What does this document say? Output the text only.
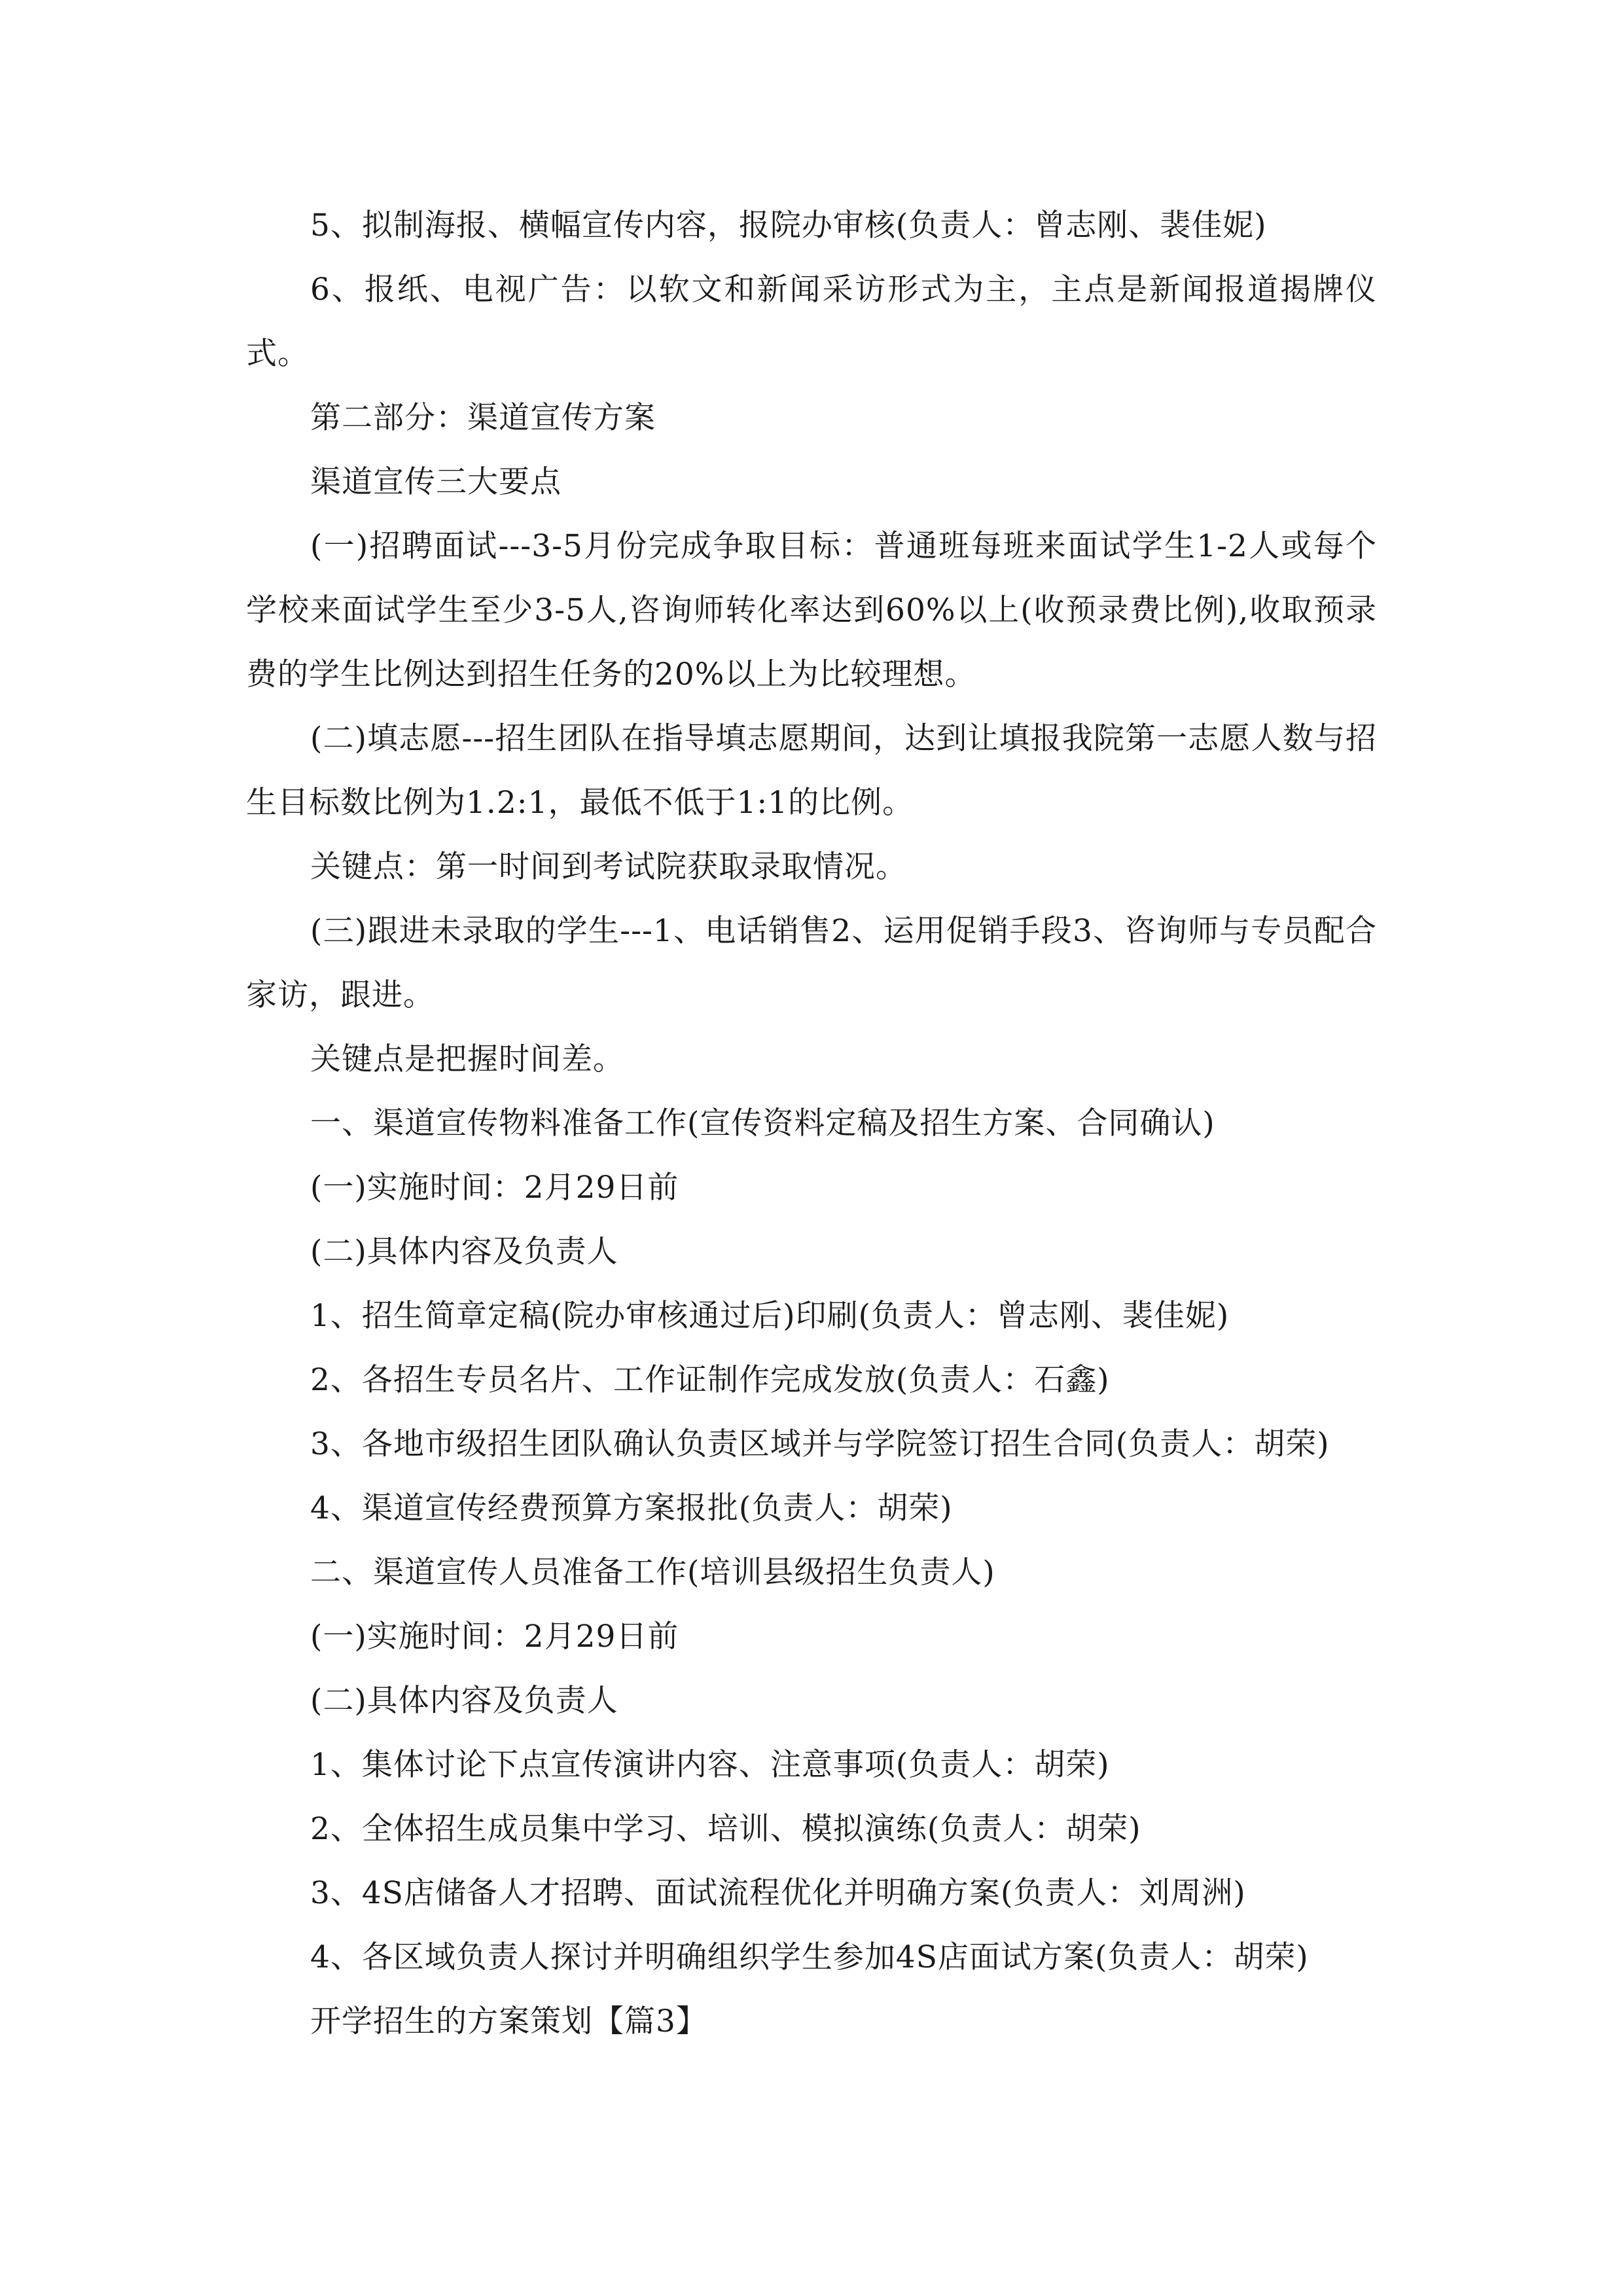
5、拟制海报、横幅宣传内容，报院办审核(负责人：曾志刚、裴佳妮)

6、报纸、电视广告：以软文和新闻采访形式为主，主点是新闻报道揭牌仪式。

第二部分：渠道宣传方案

渠道宣传三大要点

(一)招聘面试---3-5月份完成争取目标：普通班每班来面试学生1-2人或每个学校来面试学生至少3-5人,咨询师转化率达到60%以上(收预录费比例),收取预录费的学生比例达到招生任务的20%以上为比较理想。

(二)填志愿---招生团队在指导填志愿期间，达到让填报我院第一志愿人数与招生目标数比例为1.2:1，最低不低于1:1的比例。

关键点：第一时间到考试院获取录取情况。

(三)跟进未录取的学生---1、电话销售2、运用促销手段3、咨询师与专员配合家访，跟进。

关键点是把握时间差。

一、渠道宣传物料准备工作(宣传资料定稿及招生方案、合同确认)

(一)实施时间：2月29日前

(二)具体内容及负责人

1、招生简章定稿(院办审核通过后)印刷(负责人：曾志刚、裴佳妮)

2、各招生专员名片、工作证制作完成发放(负责人：石鑫)

3、各地市级招生团队确认负责区域并与学院签订招生合同(负责人：胡荣)

4、渠道宣传经费预算方案报批(负责人：胡荣)

二、渠道宣传人员准备工作(培训县级招生负责人)

(一)实施时间：2月29日前

(二)具体内容及负责人

1、集体讨论下点宣传演讲内容、注意事项(负责人：胡荣)

2、全体招生成员集中学习、培训、模拟演练(负责人：胡荣)

3、4S店储备人才招聘、面试流程优化并明确方案(负责人：刘周洲)

4、各区域负责人探讨并明确组织学生参加4S店面试方案(负责人：胡荣)

开学招生的方案策划【篇3】
